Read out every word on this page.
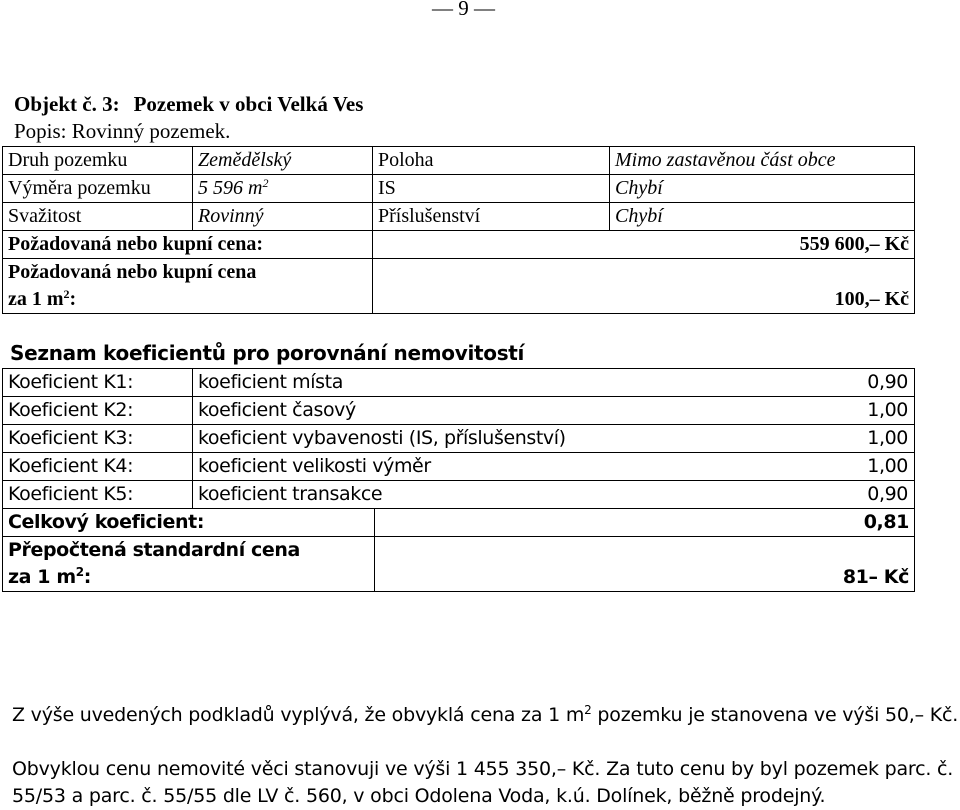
— 9 —
Objekt č. 3: Pozemek v obci Velká Ves
Popis: Rovinný pozemek.
Druh pozemku	Zemědělský	Poloha	Mimo zastavěnou část obce
Výměra pozemku	5 596 $m^2$	IS	Chybí
Svažitost	Rovinný	Příslušenství	Chybí
Požadovaná nebo kupní cena:		559 600,– Kč	
Požadovaná nebo kupní cena
za 1 $m^2$:		100,– Kč	
Seznam koeficientů pro porovnání nemovitostí
Koeficient K1:	koeficient místa 0,90	

Koeficient K2:	koeficient časový 1,00	

Koeficient K3:	koeficient vybavenosti (IS, příslušenství) 1,00	

Koeficient K4:	koeficient velikosti výměr 1,00	

Koeficient K5:	koeficient transakce 0,90	

Celkový koeficient:		0,81
Přepočtená standardní cena
za 1 $m^2$:		81– Kč
Z výše uvedených podkladů vyplývá, že obvyklá cena za 1 $m^2$ pozemku je stanovena ve výši 50,– Kč.
Obvyklou cenu nemovité věci stanovuji ve výši 1 455 350,– Kč. Za tuto cenu by byl pozemek parc. č. 55/53 a parc. č. 55/55 dle LV č. 560, v obci Odolena Voda, k.ú. Dolínek, běžně prodejný.
